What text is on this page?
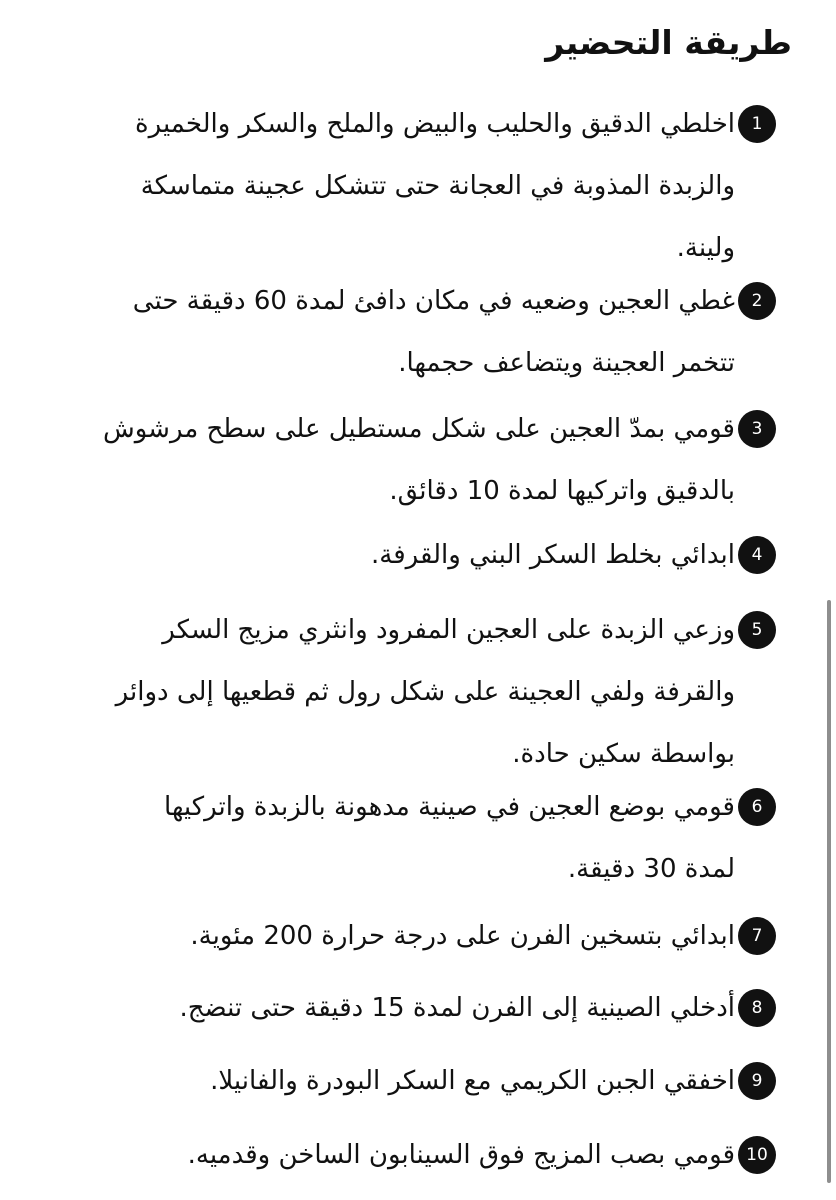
طريقة التحضير
1

اخلطي الدقيق والحليب والبيض والملح والسكر والخميرة
والزبدة المذوبة في العجانة حتى تتشكل عجينة متماسكة
ولينة.

2

غطي العجين وضعيه في مكان دافئ لمدة 60 دقيقة حتى
تتخمر العجينة ويتضاعف حجمها.

3

قومي بمدّ العجين على شكل مستطيل على سطح مرشوش
بالدقيق واتركيها لمدة 10 دقائق.

4

ابدائي بخلط السكر البني والقرفة.

5

وزعي الزبدة على العجين المفرود وانثري مزيج السكر
والقرفة ولفي العجينة على شكل رول ثم قطعيها إلى دوائر
بواسطة سكين حادة.

6

قومي بوضع العجين في صينية مدهونة بالزبدة واتركيها
لمدة 30 دقيقة.

7

ابدائي بتسخين الفرن على درجة حرارة 200 مئوية.

8

أدخلي الصينية إلى الفرن لمدة 15 دقيقة حتى تنضج.

9

اخفقي الجبن الكريمي مع السكر البودرة والفانيلا.

10

قومي بصب المزيج فوق السينابون الساخن وقدميه.
